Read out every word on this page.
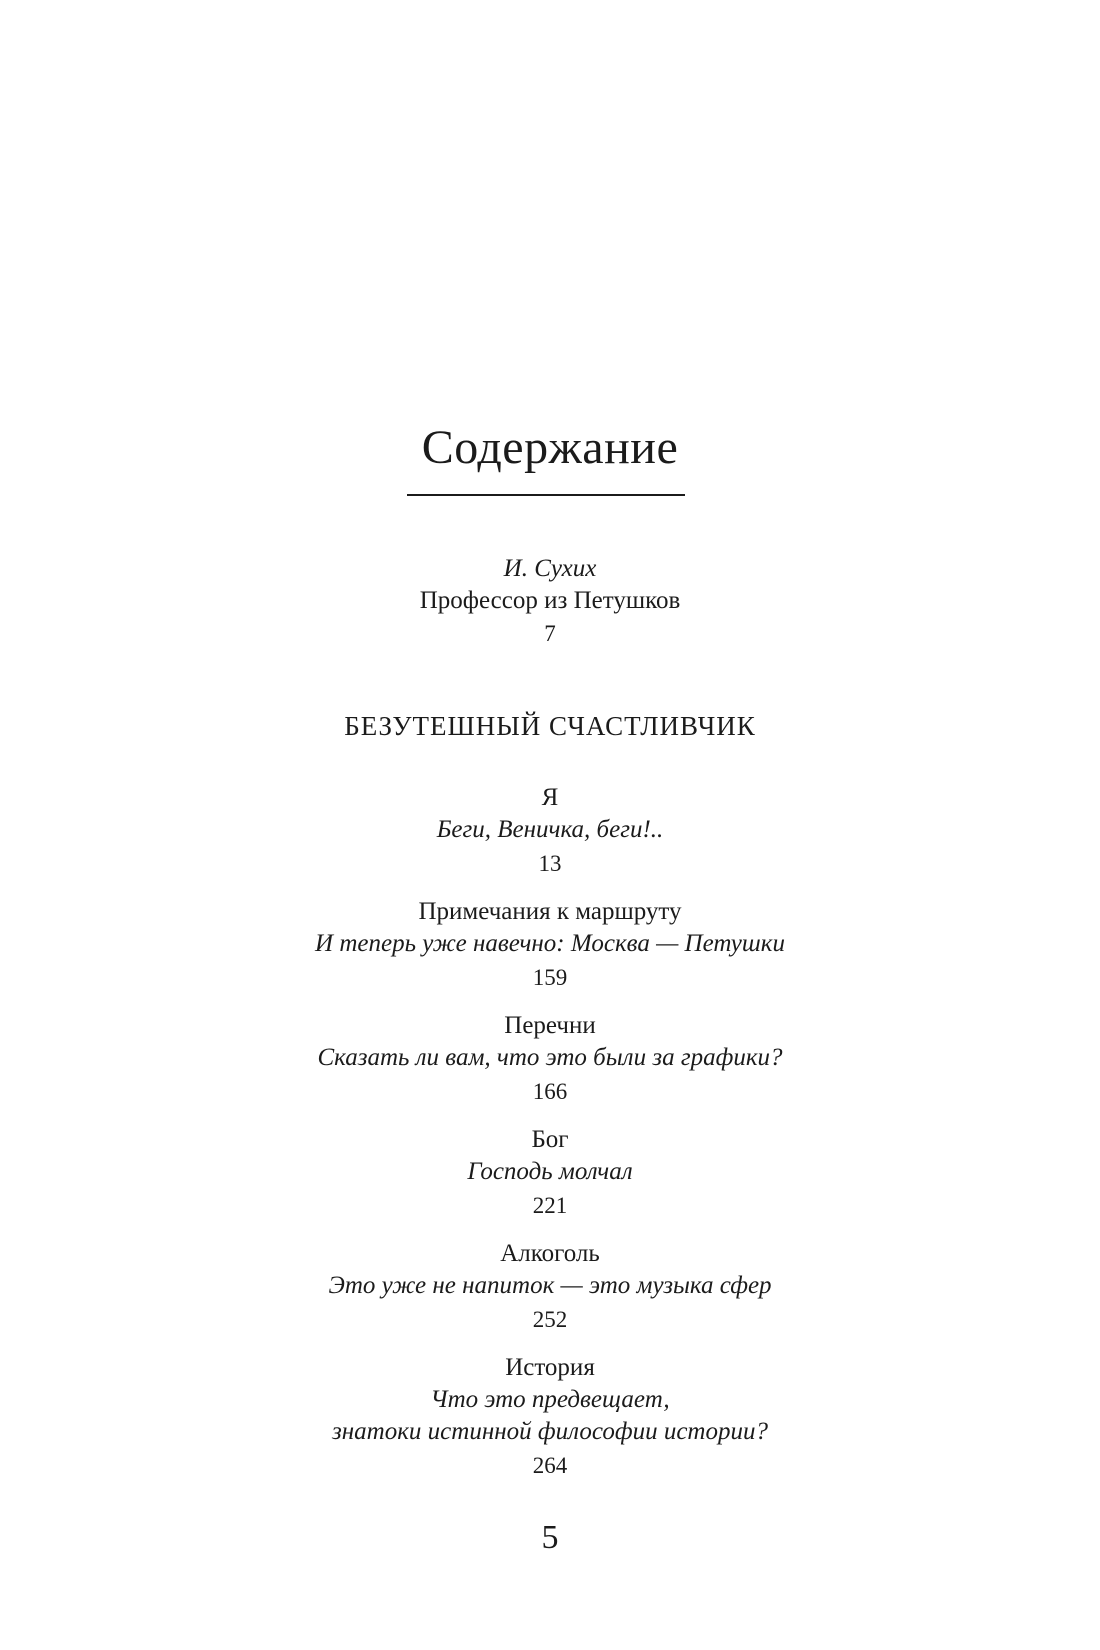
Содержание
И. Сухих
Профессор из Петушков
7
БЕЗУТЕШНЫЙ СЧАСТЛИВЧИК
Я
Беги, Веничка, беги!..
13
Примечания к маршруту
И теперь уже навечно: Москва — Петушки
159
Перечни
Сказать ли вам, что это были за графики?
166
Бог
Господь молчал
221
Алкоголь
Это уже не напиток — это музыка сфер
252
История
Что это предвещает,
знатоки истинной философии истории?
264
5
